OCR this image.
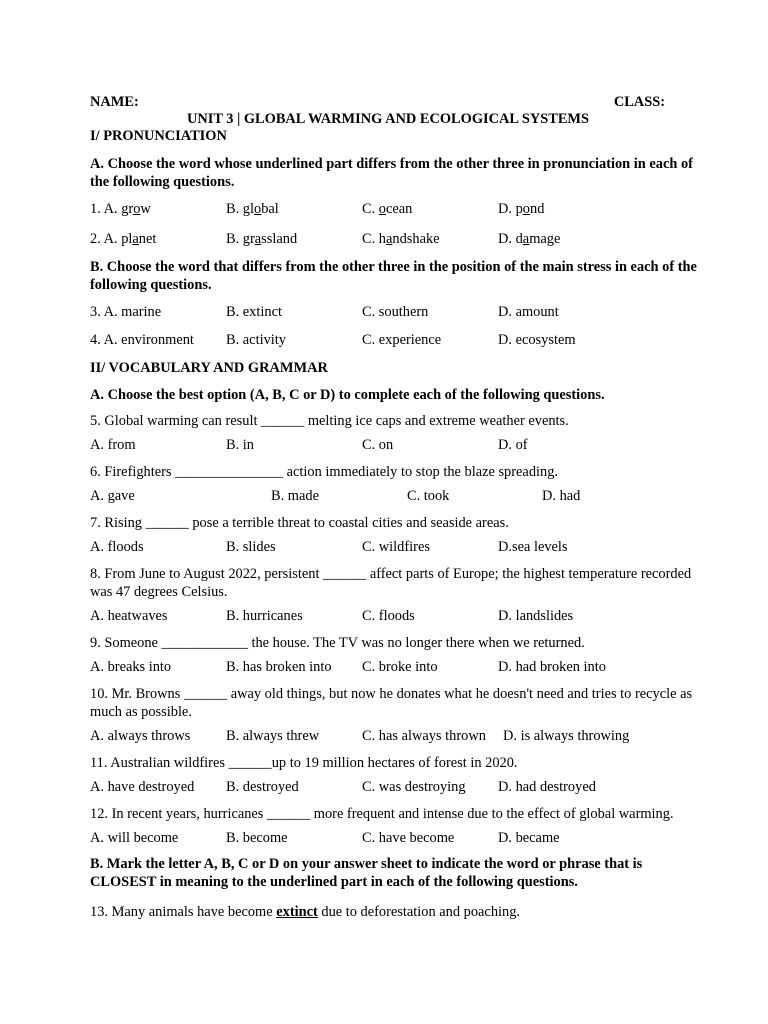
NAME:	CLASS:
UNIT 3 | GLOBAL WARMING AND ECOLOGICAL SYSTEMS
I/ PRONUNCIATION
A. Choose the word whose underlined part differs from the other three in pronunciation in each of the following questions.
1. A. grow	B. global	C. ocean	D. pond
2. A. planet	B. grassland	C. handshake	D. damage
B. Choose the word that differs from the other three in the position of the main stress in each of the following questions.
3. A. marine	B. extinct	C. southern	D. amount
4. A. environment	B. activity	C. experience	D. ecosystem
II/ VOCABULARY AND GRAMMAR
A. Choose the best option (A, B, C or D) to complete each of the following questions.
5. Global warming can result ______ melting ice caps and extreme weather events.
A. from	B. in	C. on	D. of
6. Firefighters _______________ action immediately to stop the blaze spreading.
A. gave	B. made	C. took	D. had
7. Rising ______ pose a terrible threat to coastal cities and seaside areas.
A. floods	B. slides	C. wildfires	D.sea levels
8. From June to August 2022, persistent ______ affect parts of Europe; the highest temperature recorded was 47 degrees Celsius.
A. heatwaves	B. hurricanes	C. floods	D. landslides
9. Someone ____________ the house. The TV was no longer there when we returned.
A. breaks into	B. has broken into	C. broke into	D. had broken into
10. Mr. Browns ______ away old things, but now he donates what he doesn't need and tries to recycle as much as possible.
A. always throws	B. always threw	C. has always thrown	D. is always throwing
11. Australian wildfires ______up to 19 million hectares of forest in 2020.
A. have destroyed	B. destroyed	C. was destroying	D. had destroyed
12. In recent years, hurricanes ______ more frequent and intense due to the effect of global warming.
A. will become	B. become	C. have become	D. became
B. Mark the letter A, B, C or D on your answer sheet to indicate the word or phrase that is CLOSEST in meaning to the underlined part in each of the following questions.
13. Many animals have become extinct due to deforestation and poaching.
